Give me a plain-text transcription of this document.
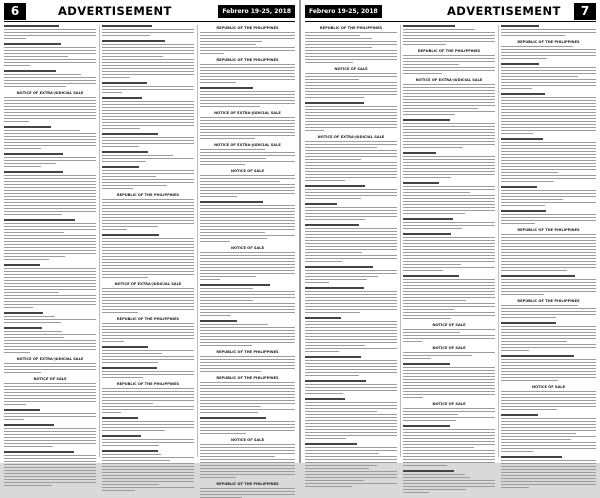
6	ADVERTISEMENT	Febrero 19-25, 2018
NOTICE OF EXTRA-JUDICIAL SALE
NOTICE OF EXTRA-JUDICIAL SALE
NOTICE OF SALE
REPUBLIC OF THE PHILIPPINES
NOTICE OF EXTRA-JUDICIAL SALE
REPUBLIC OF THE PHILIPPINES
REPUBLIC OF THE PHILIPPINES
REPUBLIC OF THE PHILIPPINES
REPUBLIC OF THE PHILIPPINES
NOTICE OF EXTRA-JUDICIAL SALE
NOTICE OF EXTRA-JUDICIAL SALE
NOTICE OF SALE
NOTICE OF SALE
REPUBLIC OF THE PHILIPPINES
REPUBLIC OF THE PHILIPPINES
NOTICE OF SALE
REPUBLIC OF THE PHILIPPINES
Febrero 19-25, 2018	ADVERTISEMENT	7
REPUBLIC OF THE PHILIPPINES
NOTICE OF SALE
NOTICE OF EXTRA-JUDICIAL SALE
REPUBLIC OF THE PHILIPPINES
NOTICE OF EXTRA-JUDICIAL SALE
NOTICE OF SALE
NOTICE OF SALE
NOTICE OF SALE
REPUBLIC OF THE PHILIPPINES
REPUBLIC OF THE PHILIPPINES
REPUBLIC OF THE PHILIPPINES
NOTICE OF SALE
